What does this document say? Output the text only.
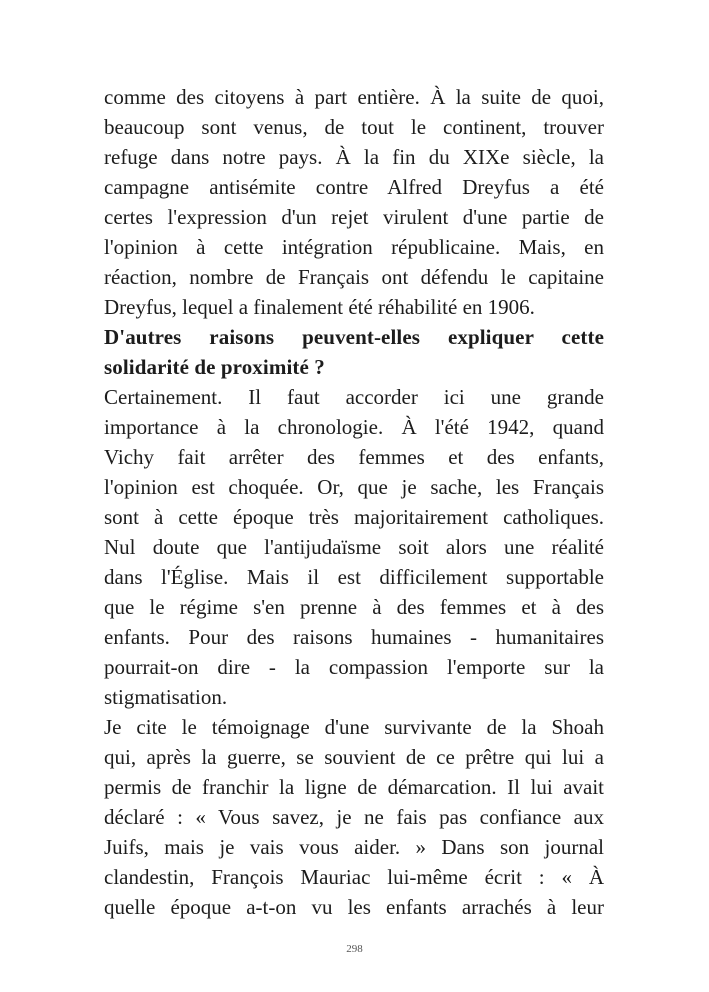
comme des citoyens à part entière. À la suite de quoi,
beaucoup sont venus, de tout le continent, trouver
refuge dans notre pays. À la fin du XIXe siècle, la
campagne antisémite contre Alfred Dreyfus a été
certes l'expression d'un rejet virulent d'une partie de
l'opinion à cette intégration républicaine. Mais, en
réaction, nombre de Français ont défendu le capitaine
Dreyfus, lequel a finalement été réhabilité en 1906.
D'autres raisons peuvent-elles expliquer cette
solidarité de proximité ?
Certainement. Il faut accorder ici une grande
importance à la chronologie. À l'été 1942, quand
Vichy fait arrêter des femmes et des enfants,
l'opinion est choquée. Or, que je sache, les Français
sont à cette époque très majoritairement catholiques.
Nul doute que l'antijudaïsme soit alors une réalité
dans l'Église. Mais il est difficilement supportable
que le régime s'en prenne à des femmes et à des
enfants. Pour des raisons humaines - humanitaires
pourrait-on dire - la compassion l'emporte sur la
stigmatisation.
Je cite le témoignage d'une survivante de la Shoah
qui, après la guerre, se souvient de ce prêtre qui lui a
permis de franchir la ligne de démarcation. Il lui avait
déclaré : « Vous savez, je ne fais pas confiance aux
Juifs, mais je vais vous aider. » Dans son journal
clandestin, François Mauriac lui-même écrit : « À
quelle époque a-t-on vu les enfants arrachés à leur
298
